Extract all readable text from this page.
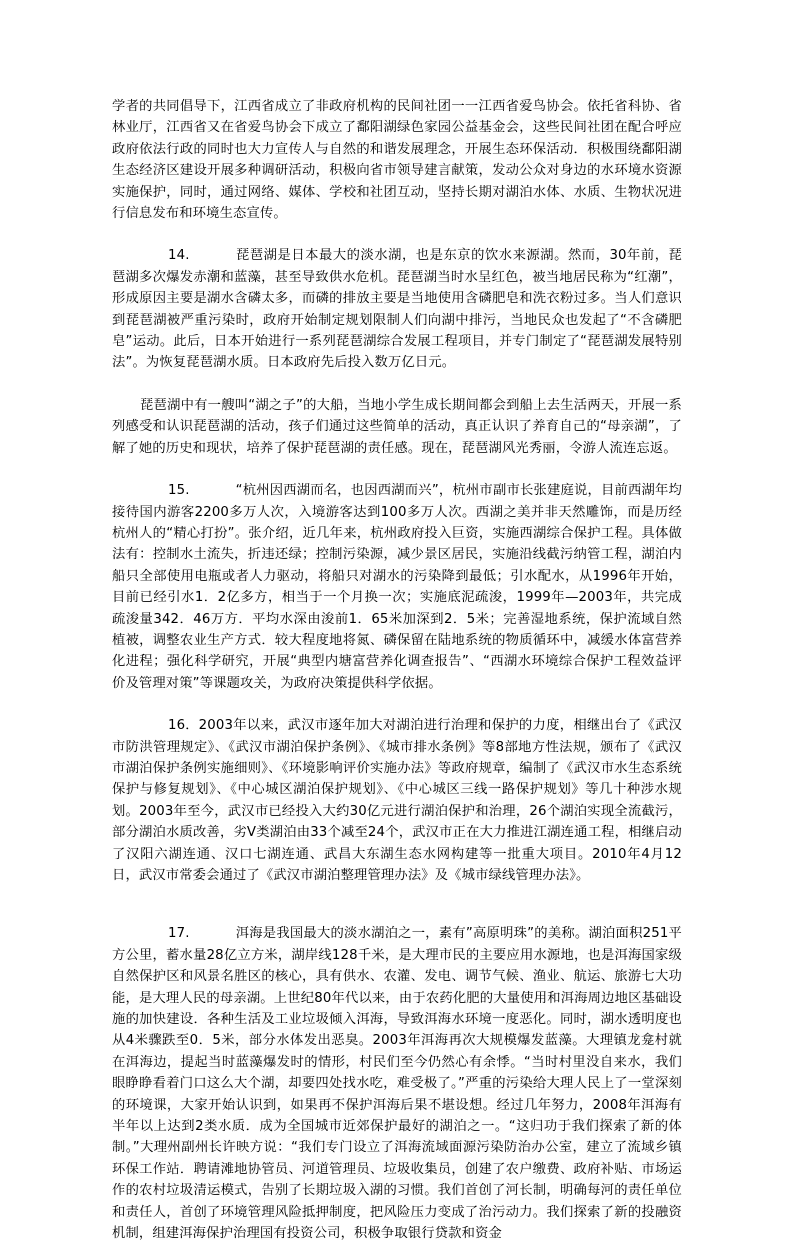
学者的共同倡导下，江西省成立了非政府机构的民间社团一一江西省爱鸟协会。依托省科协、省林业厅，江西省又在省爱鸟协会下成立了鄱阳湖绿色家园公益基金会，这些民间社团在配合呼应政府依法行政的同时也大力宣传人与自然的和谐发展理念，开展生态环保活动．积极围绕鄱阳湖生态经济区建设开展多种调研活动，积极向省市领导建言献策，发动公众对身边的水环境水资源实施保护，同时，通过网络、媒体、学校和社团互动，坚持长期对湖泊水体、水质、生物状况进行信息发布和环境生态宣传。

14.	琵琶湖是日本最大的淡水湖，也是东京的饮水来源湖。然而，30年前，琵琶湖多次爆发赤潮和蓝藻，甚至导致供水危机。琵琶湖当时水呈红色，被当地居民称为“红潮”，形成原因主要是湖水含磷太多，而磷的排放主要是当地使用含磷肥皂和洗衣粉过多。当人们意识到琵琶湖被严重污染时，政府开始制定规划限制人们向湖中排污，当地民众也发起了“不含磷肥皂”运动。此后，日本开始进行一系列琵琶湖综合发展工程项目，并专门制定了“琵琶湖发展特别法”。为恢复琵琶湖水质。日本政府先后投入数万亿日元。

琵琶湖中有一艘叫“湖之子”的大船，当地小学生成长期间都会到船上去生活两天，开展一系列感受和认识琵琶湖的活动，孩子们通过这些简单的活动，真正认识了养育自己的“母亲湖”，了解了她的历史和现状，培养了保护琵琶湖的责任感。现在，琵琶湖风光秀丽，令游人流连忘返。

15.	“杭州因西湖而名，也因西湖而兴”，杭州市副市长张建庭说，目前西湖年均接待国内游客2200多万人次，入境游客达到100多万人次。西湖之美并非天然雕饰，而是历经杭州人的“精心打扮”。张介绍，近几年来，杭州政府投入巨资，实施西湖综合保护工程。具体做法有：控制水土流失，折违还绿；控制污染源，减少景区居民，实施沿线截污纳管工程，湖泊内船只全部使用电瓶或者人力驱动，将船只对湖水的污染降到最低；引水配水，从1996年开始，目前已经引水1．2亿多方，相当于一个月换一次；实施底泥疏浚，1999年—2003年，共完成疏浚量342．46万方．平均水深由浚前1．65米加深到2．5米；完善湿地系统，保护流域自然植被，调整农业生产方式．较大程度地将氮、磷保留在陆地系统的物质循环中，减缓水体富营养化进程；强化科学研究，开展“典型内塘富营养化调查报告”、“西湖水环境综合保护工程效益评价及管理对策”等课题攻关，为政府决策提供科学依据。

16．2003年以来，武汉市逐年加大对湖泊进行治理和保护的力度，相继出台了《武汉市防洪管理规定》、《武汉市湖泊保护条例》、《城市排水条例》等8部地方性法规，颁布了《武汉市湖泊保护条例实施细则》、《环境影响评价实施办法》等政府规章，编制了《武汉市水生态系统保护与修复规划》、《中心城区湖泊保护规划》、《中心城区三线一路保护规划》等几十种涉水规划。2003年至今，武汉市已经投入大约30亿元进行湖泊保护和治理，26个湖泊实现全流截污，部分湖泊水质改善，劣Ⅴ类湖泊由33个减至24个，武汉市正在大力推进江湖连通工程，相继启动了汉阳六湖连通、汉口七湖连通、武昌大东湖生态水网构建等一批重大项目。2010年4月12日，武汉市常委会通过了《武汉市湖泊整理管理办法》及《城市绿线管理办法》。

17.	洱海是我国最大的淡水湖泊之一，素有”高原明珠”的美称。湖泊面积251平方公里，蓄水量28亿立方米，湖岸线128千米，是大理市民的主要应用水源地，也是洱海国家级自然保护区和风景名胜区的核心，具有供水、农灌、发电、调节气候、渔业、航运、旅游七大功能，是大理人民的母亲湖。上世纪80年代以来，由于农药化肥的大量使用和洱海周边地区基础设施的加快建设．各种生活及工业垃圾倾入洱海，导致洱海水环境一度恶化。同时，湖水透明度也从4米骤跌至0．5米，部分水体发出恶臭。2003年洱海再次大规模爆发蓝藻。大理镇龙龛村就在洱海边，提起当时蓝藻爆发时的情形，村民们至今仍然心有余悸。“当时村里没自来水，我们眼睁睁看着门口这么大个湖，却要四处找水吃，难受极了。”严重的污染给大理人民上了一堂深刻的环境课，大家开始认识到，如果再不保护洱海后果不堪设想。经过几年努力，2008年洱海有半年以上达到2类水质．成为全国城市近郊保护最好的湖泊之一。“这归功于我们探索了新的体制。”大理州副州长许映方说：“我们专门设立了洱海流域面源污染防治办公室，建立了流域乡镇环保工作站．聘请滩地协管员、河道管理员、垃圾收集员，创建了农户缴费、政府补贴、市场运作的农村垃圾清运模式，告别了长期垃圾入湖的习惯。我们首创了河长制，明确每河的责任单位和责任人，首创了环境管理风险抵押制度，把风险压力变成了治污动力。我们探索了新的投融资机制，组建洱海保护治理国有投资公司，积极争取银行贷款和资金
